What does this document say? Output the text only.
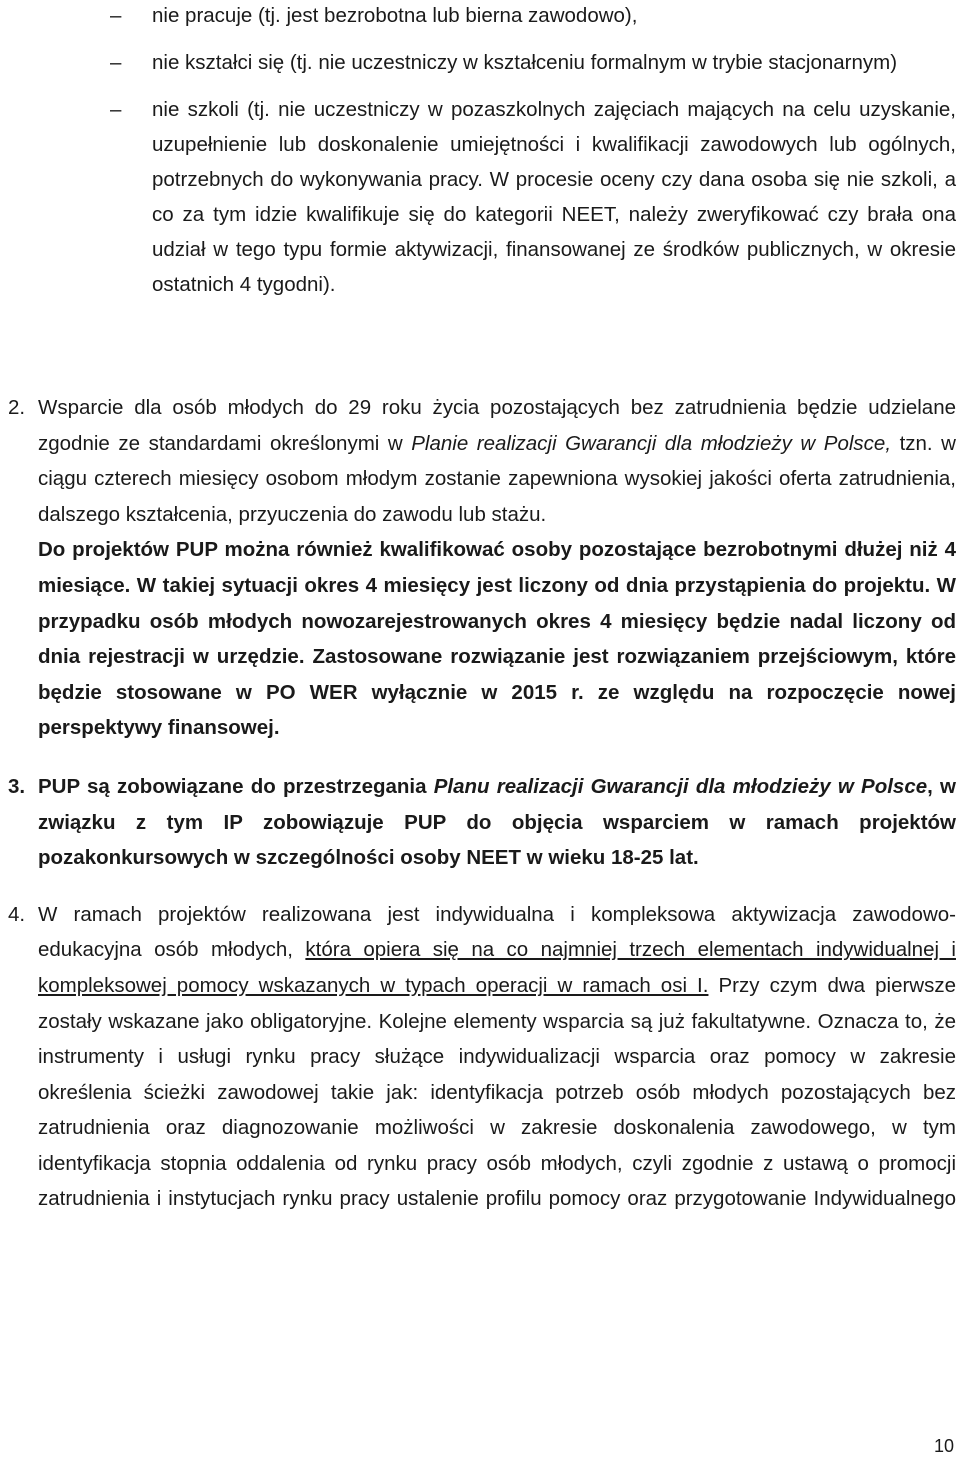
–	nie pracuje (tj. jest bezrobotna lub bierna zawodowo),
–	nie kształci się (tj. nie uczestniczy w kształceniu formalnym w trybie stacjonarnym)
–	nie szkoli (tj. nie uczestniczy w pozaszkolnych zajęciach mających na celu uzyskanie, uzupełnienie lub doskonalenie umiejętności i kwalifikacji zawodowych lub ogólnych, potrzebnych do wykonywania pracy. W procesie oceny czy dana osoba się nie szkoli, a co za tym idzie kwalifikuje się do kategorii NEET, należy zweryfikować czy brała ona udział w tego typu formie aktywizacji, finansowanej ze środków publicznych, w okresie ostatnich 4 tygodni).
2. Wsparcie dla osób młodych do 29 roku życia pozostających bez zatrudnienia będzie udzielane zgodnie ze standardami określonymi w Planie realizacji Gwarancji dla młodzieży w Polsce, tzn. w ciągu czterech miesięcy osobom młodym zostanie zapewniona wysokiej jakości oferta zatrudnienia, dalszego kształcenia, przyuczenia do zawodu lub stażu.
Do projektów PUP można również kwalifikować osoby pozostające bezrobotnymi dłużej niż 4 miesiące. W takiej sytuacji okres 4 miesięcy jest liczony od dnia przystąpienia do projektu. W przypadku osób młodych nowozarejestrowanych okres 4 miesięcy będzie nadal liczony od dnia rejestracji w urzędzie. Zastosowane rozwiązanie jest rozwiązaniem przejściowym, które będzie stosowane w PO WER wyłącznie w 2015 r. ze względu na rozpoczęcie nowej perspektywy finansowej.
3. PUP są zobowiązane do przestrzegania Planu realizacji Gwarancji dla młodzieży w Polsce, w związku z tym IP zobowiązuje PUP do objęcia wsparciem w ramach projektów pozakonkursowych w szczególności osoby NEET w wieku 18-25 lat.
4. W ramach projektów realizowana jest indywidualna i kompleksowa aktywizacja zawodowo-edukacyjna osób młodych, która opiera się na co najmniej trzech elementach indywidualnej i kompleksowej pomocy wskazanych w typach operacji w ramach osi I. Przy czym dwa pierwsze zostały wskazane jako obligatoryjne. Kolejne elementy wsparcia są już fakultatywne. Oznacza to, że instrumenty i usługi rynku pracy służące indywidualizacji wsparcia oraz pomocy w zakresie określenia ścieżki zawodowej takie jak: identyfikacja potrzeb osób młodych pozostających bez zatrudnienia oraz diagnozowanie możliwości w zakresie doskonalenia zawodowego, w tym identyfikacja stopnia oddalenia od rynku pracy osób młodych, czyli zgodnie z ustawą o promocji zatrudnienia i instytucjach rynku pracy ustalenie profilu pomocy oraz przygotowanie Indywidualnego
10
